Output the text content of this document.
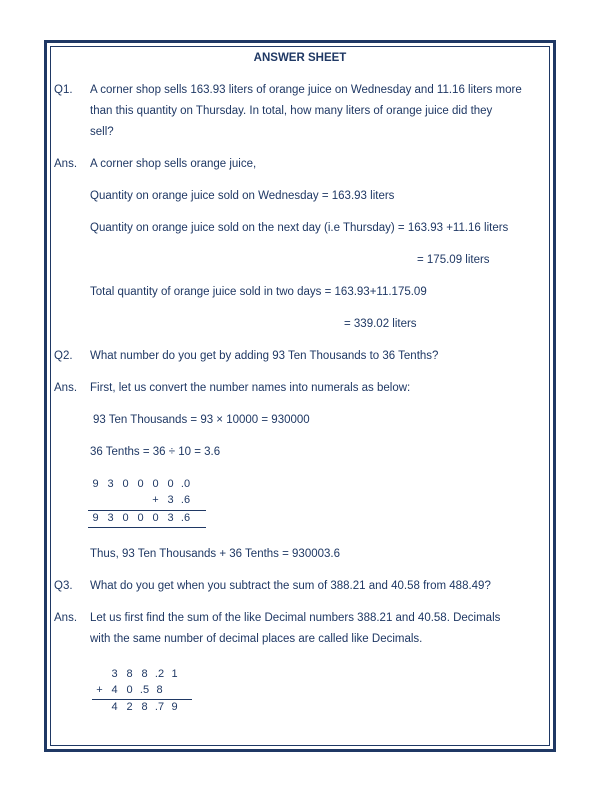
ANSWER SHEET
Q1. A corner shop sells 163.93 liters of orange juice on Wednesday and 11.16 liters more
than this quantity on Thursday. In total, how many liters of orange juice did they
sell?
Ans. A corner shop sells orange juice,
Quantity on orange juice sold on Wednesday = 163.93 liters
Quantity on orange juice sold on the next day (i.e Thursday) = 163.93 +11.16 liters
= 175.09 liters
Total quantity of orange juice sold in two days = 163.93+11.175.09
= 339.02 liters
Q2. What number do you get by adding 93 Ten Thousands to 36 Tenths?
Ans. First, let us convert the number names into numerals as below:
93 Ten Thousands = 93 × 10000 = 930000
36 Tenths = 36 ÷ 10 = 3.6
9 3 0 0 0 0 .0
+ 3 .6
9 3 0 0 0 3 .6
Thus, 93 Ten Thousands + 36 Tenths = 930003.6
Q3. What do you get when you subtract the sum of 388.21 and 40.58 from 488.49?
Ans. Let us first find the sum of the like Decimal numbers 388.21 and 40.58. Decimals
with the same number of decimal places are called like Decimals.
3 8 8 .2 1
+ 4 0 .5 8
4 2 8 .7 9
